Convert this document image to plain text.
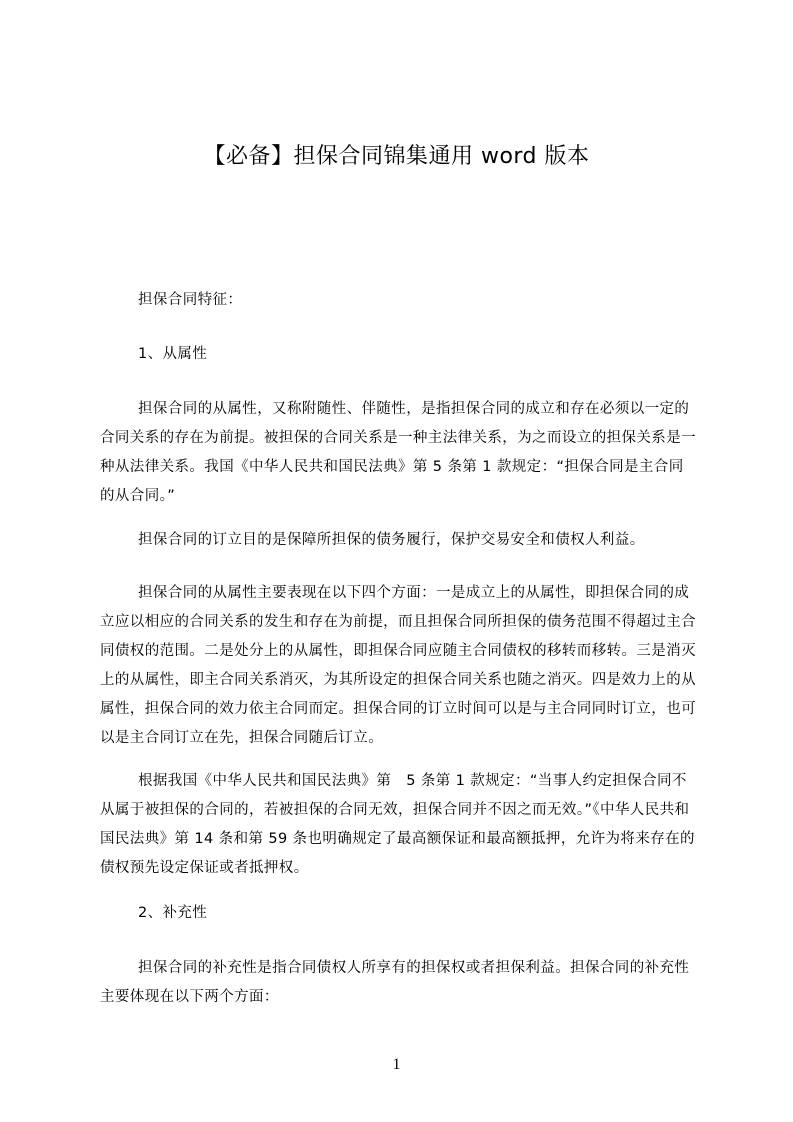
【必备】担保合同锦集通用 word 版本
担保合同特征：
1、从属性

担保合同的从属性，又称附随性、伴随性，是指担保合同的成立和存在必须以一定的合同关系的存在为前提。被担保的合同关系是一种主法律关系，为之而设立的担保关系是一种从法律关系。我国《中华人民共和国民法典》第 5 条第 1 款规定：“担保合同是主合同的从合同。”

担保合同的订立目的是保障所担保的债务履行，保护交易安全和债权人利益。

担保合同的从属性主要表现在以下四个方面：一是成立上的从属性，即担保合同的成立应以相应的合同关系的发生和存在为前提，而且担保合同所担保的债务范围不得超过主合同债权的范围。二是处分上的从属性，即担保合同应随主合同债权的移转而移转。三是消灭上的从属性，即主合同关系消灭，为其所设定的担保合同关系也随之消灭。四是效力上的从属性，担保合同的效力依主合同而定。担保合同的订立时间可以是与主合同同时订立，也可以是主合同订立在先，担保合同随后订立。

根据我国《中华人民共和国民法典》第　5 条第 1 款规定：“当事人约定担保合同不从属于被担保的合同的，若被担保的合同无效，担保合同并不因之而无效。”《中华人民共和国民法典》第 14 条和第 59 条也明确规定了最高额保证和最高额抵押，允许为将来存在的债权预先设定保证或者抵押权。

2、补充性

担保合同的补充性是指合同债权人所享有的担保权或者担保利益。担保合同的补充性主要体现在以下两个方面：

1
